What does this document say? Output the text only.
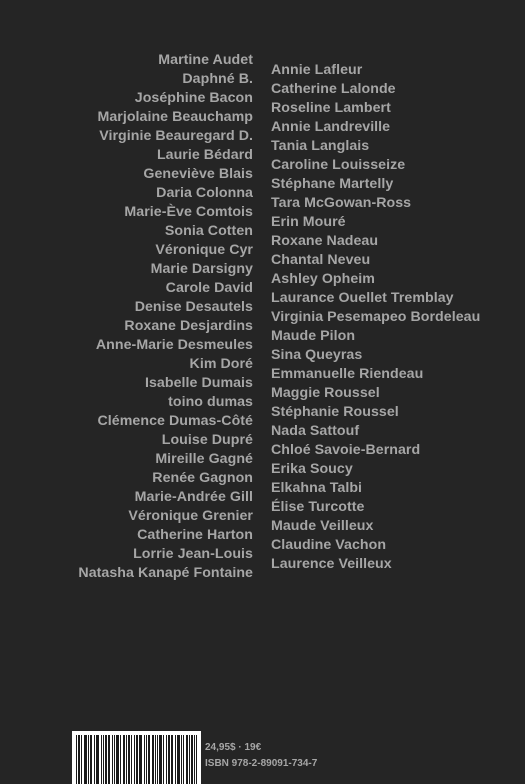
Martine Audet
Daphné B.
Joséphine Bacon
Marjolaine Beauchamp
Virginie Beauregard D.
Laurie Bédard
Geneviève Blais
Daria Colonna
Marie-Ève Comtois
Sonia Cotten
Véronique Cyr
Marie Darsigny
Carole David
Denise Desautels
Roxane Desjardins
Anne-Marie Desmeules
Kim Doré
Isabelle Dumais
toino dumas
Clémence Dumas-Côté
Louise Dupré
Mireille Gagné
Renée Gagnon
Marie-Andrée Gill
Véronique Grenier
Catherine Harton
Lorrie Jean-Louis
Natasha Kanapé Fontaine
Annie Lafleur
Catherine Lalonde
Roseline Lambert
Annie Landreville
Tania Langlais
Caroline Louisseize
Stéphane Martelly
Tara McGowan-Ross
Erin Mouré
Roxane Nadeau
Chantal Neveu
Ashley Opheim
Laurance Ouellet Tremblay
Virginia Pesemapeo Bordeleau
Maude Pilon
Sina Queyras
Emmanuelle Riendeau
Maggie Roussel
Stéphanie Roussel
Nada Sattouf
Chloé Savoie-Bernard
Erika Soucy
Elkahna Talbi
Élise Turcotte
Maude Veilleux
Claudine Vachon
Laurence Veilleux
24,95$ · 19€
ISBN 978-2-89091-734-7
